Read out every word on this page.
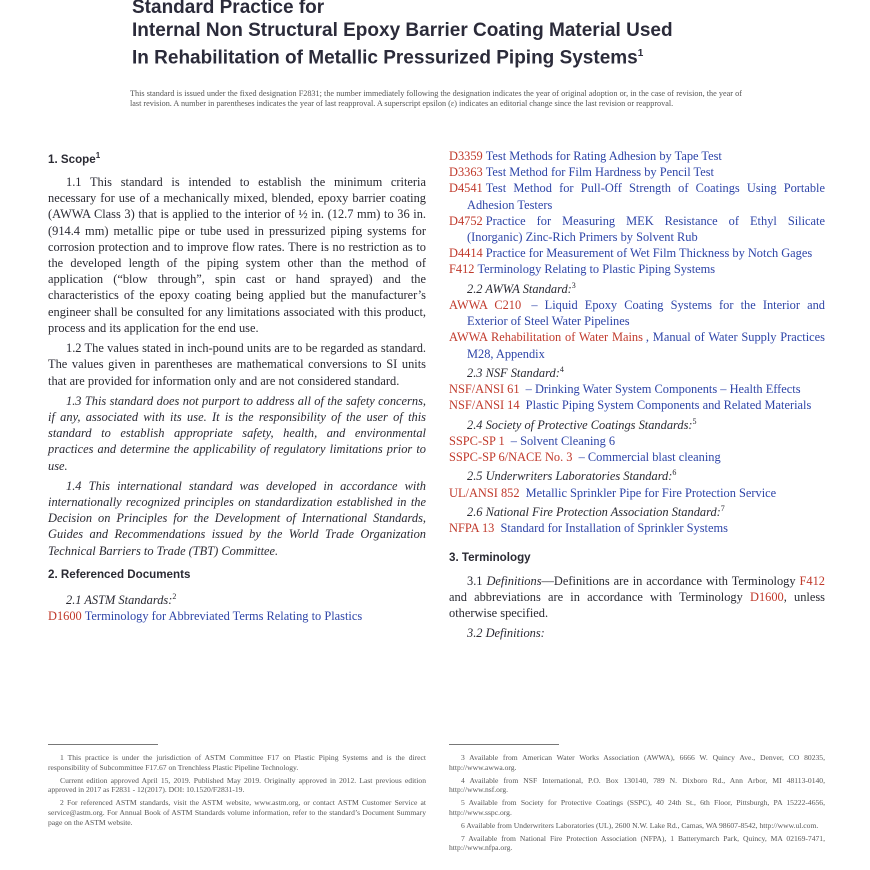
Standard Practice for
Internal Non Structural Epoxy Barrier Coating Material Used
In Rehabilitation of Metallic Pressurized Piping Systems$^1$
This standard is issued under the fixed designation F2831; the number immediately following the designation indicates the year of original adoption or, in the case of revision, the year of last revision. A number in parentheses indicates the year of last reapproval. A superscript epsilon (ε) indicates an editorial change since the last revision or reapproval.
1. Scope$^1$

1.1 This standard is intended to establish the minimum criteria necessary for use of a mechanically mixed, blended, epoxy barrier coating (AWWA Class 3) that is applied to the interior of ½ in. (12.7 mm) to 36 in. (914.4 mm) metallic pipe or tube used in pressurized piping systems for corrosion protection and to improve flow rates. There is no restriction as to the developed length of the piping system other than the method of application (“blow through”, spin cast or hand sprayed) and the characteristics of the epoxy coating being applied but the manufacturer’s engineer shall be consulted for any limitations associated with this product, process and its application for the end use.

1.2 The values stated in inch-pound units are to be regarded as standard. The values given in parentheses are mathematical conversions to SI units that are provided for information only and are not considered standard.

1.3 This standard does not purport to address all of the safety concerns, if any, associated with its use. It is the responsibility of the user of this standard to establish appropriate safety, health, and environmental practices and determine the applicability of regulatory limitations prior to use.

1.4 This international standard was developed in accordance with internationally recognized principles on standardization established in the Decision on Principles for the Development of International Standards, Guides and Recommendations issued by the World Trade Organization Technical Barriers to Trade (TBT) Committee.

2. Referenced Documents

2.1 ASTM Standards:$^2$

D1600 Terminology for Abbreviated Terms Relating to Plastics

D3359 Test Methods for Rating Adhesion by Tape Test

D3363 Test Method for Film Hardness by Pencil Test

D4541 Test Method for Pull-Off Strength of Coatings Using Portable Adhesion Testers

D4752 Practice for Measuring MEK Resistance of Ethyl Silicate (Inorganic) Zinc-Rich Primers by Solvent Rub

D4414 Practice for Measurement of Wet Film Thickness by Notch Gages

F412 Terminology Relating to Plastic Piping Systems

2.2 AWWA Standard:$^3$

AWWA C210 – Liquid Epoxy Coating Systems for the Interior and Exterior of Steel Water Pipelines

AWWA Rehabilitation of Water Mains , Manual of Water Supply Practices M28, Appendix

2.3 NSF Standard:$^4$

NSF/ANSI 61 – Drinking Water System Components – Health Effects

NSF/ANSI 14 Plastic Piping System Components and Related Materials

2.4 Society of Protective Coatings Standards:$^5$

SSPC-SP 1 – Solvent Cleaning 6

SSPC-SP 6/NACE No. 3 – Commercial blast cleaning

2.5 Underwriters Laboratories Standard:$^6$

UL/ANSI 852 Metallic Sprinkler Pipe for Fire Protection Service

2.6 National Fire Protection Association Standard:$^7$

NFPA 13 Standard for Installation of Sprinkler Systems

3. Terminology

3.1 Definitions—Definitions are in accordance with Terminology F412 and abbreviations are in accordance with Terminology D1600, unless otherwise specified.

3.2 Definitions:

1 This practice is under the jurisdiction of ASTM Committee F17 on Plastic Piping Systems and is the direct responsibility of Subcommittee F17.67 on Trenchless Plastic Pipeline Technology.

Current edition approved April 15, 2019. Published May 2019. Originally approved in 2012. Last previous edition approved in 2017 as F2831 - 12(2017). DOI: 10.1520/F2831-19.

2 For referenced ASTM standards, visit the ASTM website, www.astm.org, or contact ASTM Customer Service at service@astm.org. For Annual Book of ASTM Standards volume information, refer to the standard’s Document Summary page on the ASTM website.

3 Available from American Water Works Association (AWWA), 6666 W. Quincy Ave., Denver, CO 80235, http://www.awwa.org.

4 Available from NSF International, P.O. Box 130140, 789 N. Dixboro Rd., Ann Arbor, MI 48113-0140, http://www.nsf.org.

5 Available from Society for Protective Coatings (SSPC), 40 24th St., 6th Floor, Pittsburgh, PA 15222-4656, http://www.sspc.org.

6 Available from Underwriters Laboratories (UL), 2600 N.W. Lake Rd., Camas, WA 98607-8542, http://www.ul.com.

7 Available from National Fire Protection Association (NFPA), 1 Batterymarch Park, Quincy, MA 02169-7471, http://www.nfpa.org.
